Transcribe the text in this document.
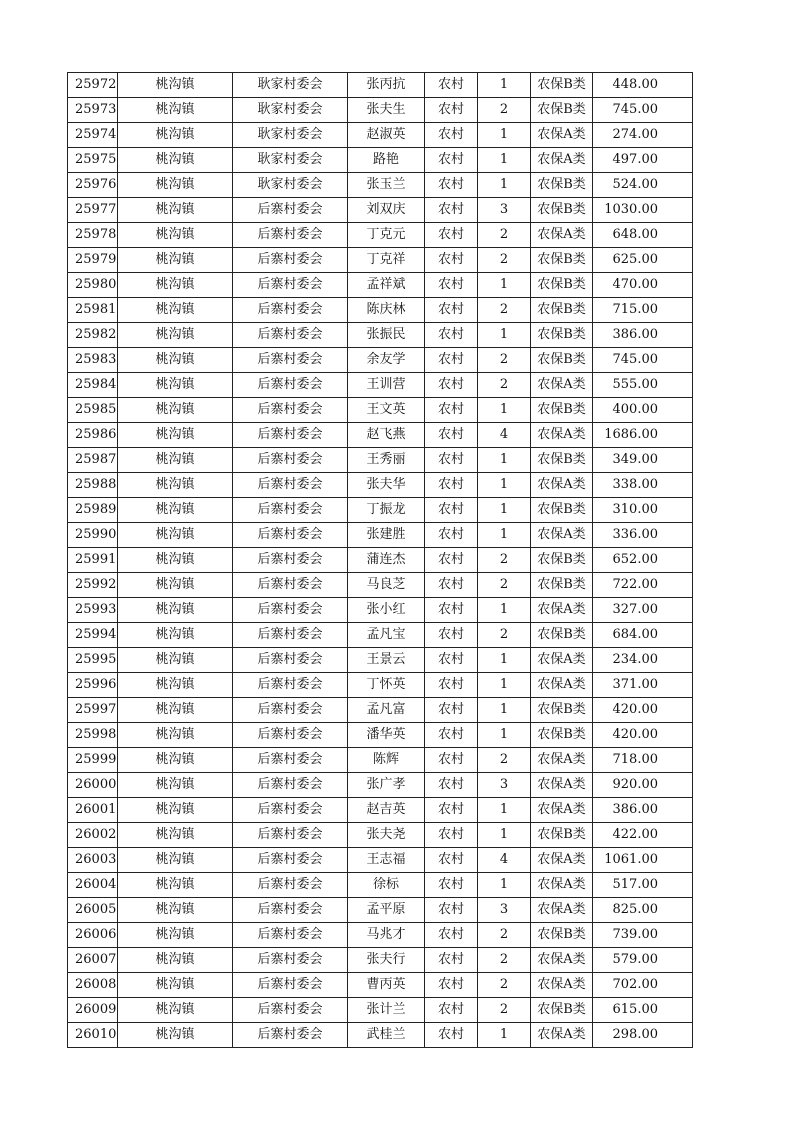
25972	桃沟镇	耿家村委会	张丙抗	农村	1	农保B类	448.00
25973	桃沟镇	耿家村委会	张夫生	农村	2	农保B类	745.00
25974	桃沟镇	耿家村委会	赵淑英	农村	1	农保A类	274.00
25975	桃沟镇	耿家村委会	路艳	农村	1	农保A类	497.00
25976	桃沟镇	耿家村委会	张玉兰	农村	1	农保B类	524.00
25977	桃沟镇	后寨村委会	刘双庆	农村	3	农保B类	1030.00
25978	桃沟镇	后寨村委会	丁克元	农村	2	农保A类	648.00
25979	桃沟镇	后寨村委会	丁克祥	农村	2	农保B类	625.00
25980	桃沟镇	后寨村委会	孟祥斌	农村	1	农保B类	470.00
25981	桃沟镇	后寨村委会	陈庆林	农村	2	农保B类	715.00
25982	桃沟镇	后寨村委会	张振民	农村	1	农保B类	386.00
25983	桃沟镇	后寨村委会	余友学	农村	2	农保B类	745.00
25984	桃沟镇	后寨村委会	王训营	农村	2	农保A类	555.00
25985	桃沟镇	后寨村委会	王文英	农村	1	农保B类	400.00
25986	桃沟镇	后寨村委会	赵飞燕	农村	4	农保A类	1686.00
25987	桃沟镇	后寨村委会	王秀丽	农村	1	农保B类	349.00
25988	桃沟镇	后寨村委会	张夫华	农村	1	农保A类	338.00
25989	桃沟镇	后寨村委会	丁振龙	农村	1	农保B类	310.00
25990	桃沟镇	后寨村委会	张建胜	农村	1	农保A类	336.00
25991	桃沟镇	后寨村委会	蒲连杰	农村	2	农保B类	652.00
25992	桃沟镇	后寨村委会	马良芝	农村	2	农保B类	722.00
25993	桃沟镇	后寨村委会	张小红	农村	1	农保A类	327.00
25994	桃沟镇	后寨村委会	孟凡宝	农村	2	农保B类	684.00
25995	桃沟镇	后寨村委会	王景云	农村	1	农保A类	234.00
25996	桃沟镇	后寨村委会	丁怀英	农村	1	农保A类	371.00
25997	桃沟镇	后寨村委会	孟凡富	农村	1	农保B类	420.00
25998	桃沟镇	后寨村委会	潘华英	农村	1	农保B类	420.00
25999	桃沟镇	后寨村委会	陈辉	农村	2	农保A类	718.00
26000	桃沟镇	后寨村委会	张广孝	农村	3	农保A类	920.00
26001	桃沟镇	后寨村委会	赵吉英	农村	1	农保A类	386.00
26002	桃沟镇	后寨村委会	张夫尧	农村	1	农保B类	422.00
26003	桃沟镇	后寨村委会	王志福	农村	4	农保A类	1061.00
26004	桃沟镇	后寨村委会	徐标	农村	1	农保A类	517.00
26005	桃沟镇	后寨村委会	孟平原	农村	3	农保A类	825.00
26006	桃沟镇	后寨村委会	马兆才	农村	2	农保B类	739.00
26007	桃沟镇	后寨村委会	张夫行	农村	2	农保A类	579.00
26008	桃沟镇	后寨村委会	曹丙英	农村	2	农保A类	702.00
26009	桃沟镇	后寨村委会	张计兰	农村	2	农保B类	615.00
26010	桃沟镇	后寨村委会	武桂兰	农村	1	农保A类	298.00
